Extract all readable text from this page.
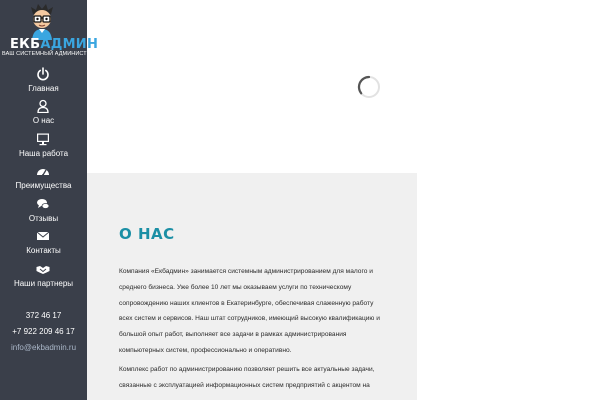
ЕКБАДМИН
ВАШ СИСТЕМНЫЙ АДМИНИСТРАТОР
Главная
О нас
Наша работа
Преимущества
Отзывы
Контакты
Наши партнеры
372 46 17
+7 922 209 46 17
info@ekbadmin.ru
О НАС
Компания «Екбадмин» занимается системным администрированием для малого и
среднего бизнеса. Уже более 10 лет мы оказываем услуги по техническому
сопровождению наших клиентов в Екатеринбурге, обеспечивая слаженную работу
всех систем и сервисов. Наш штат сотрудников, имеющий высокую квалификацию и
большой опыт работ, выполняет все задачи в рамках администрирования
компьютерных систем, профессионально и оперативно.
Комплекс работ по администрированию позволяет решить все актуальные задачи,
связанные с эксплуатацией информационных систем предприятий с акцентом на
